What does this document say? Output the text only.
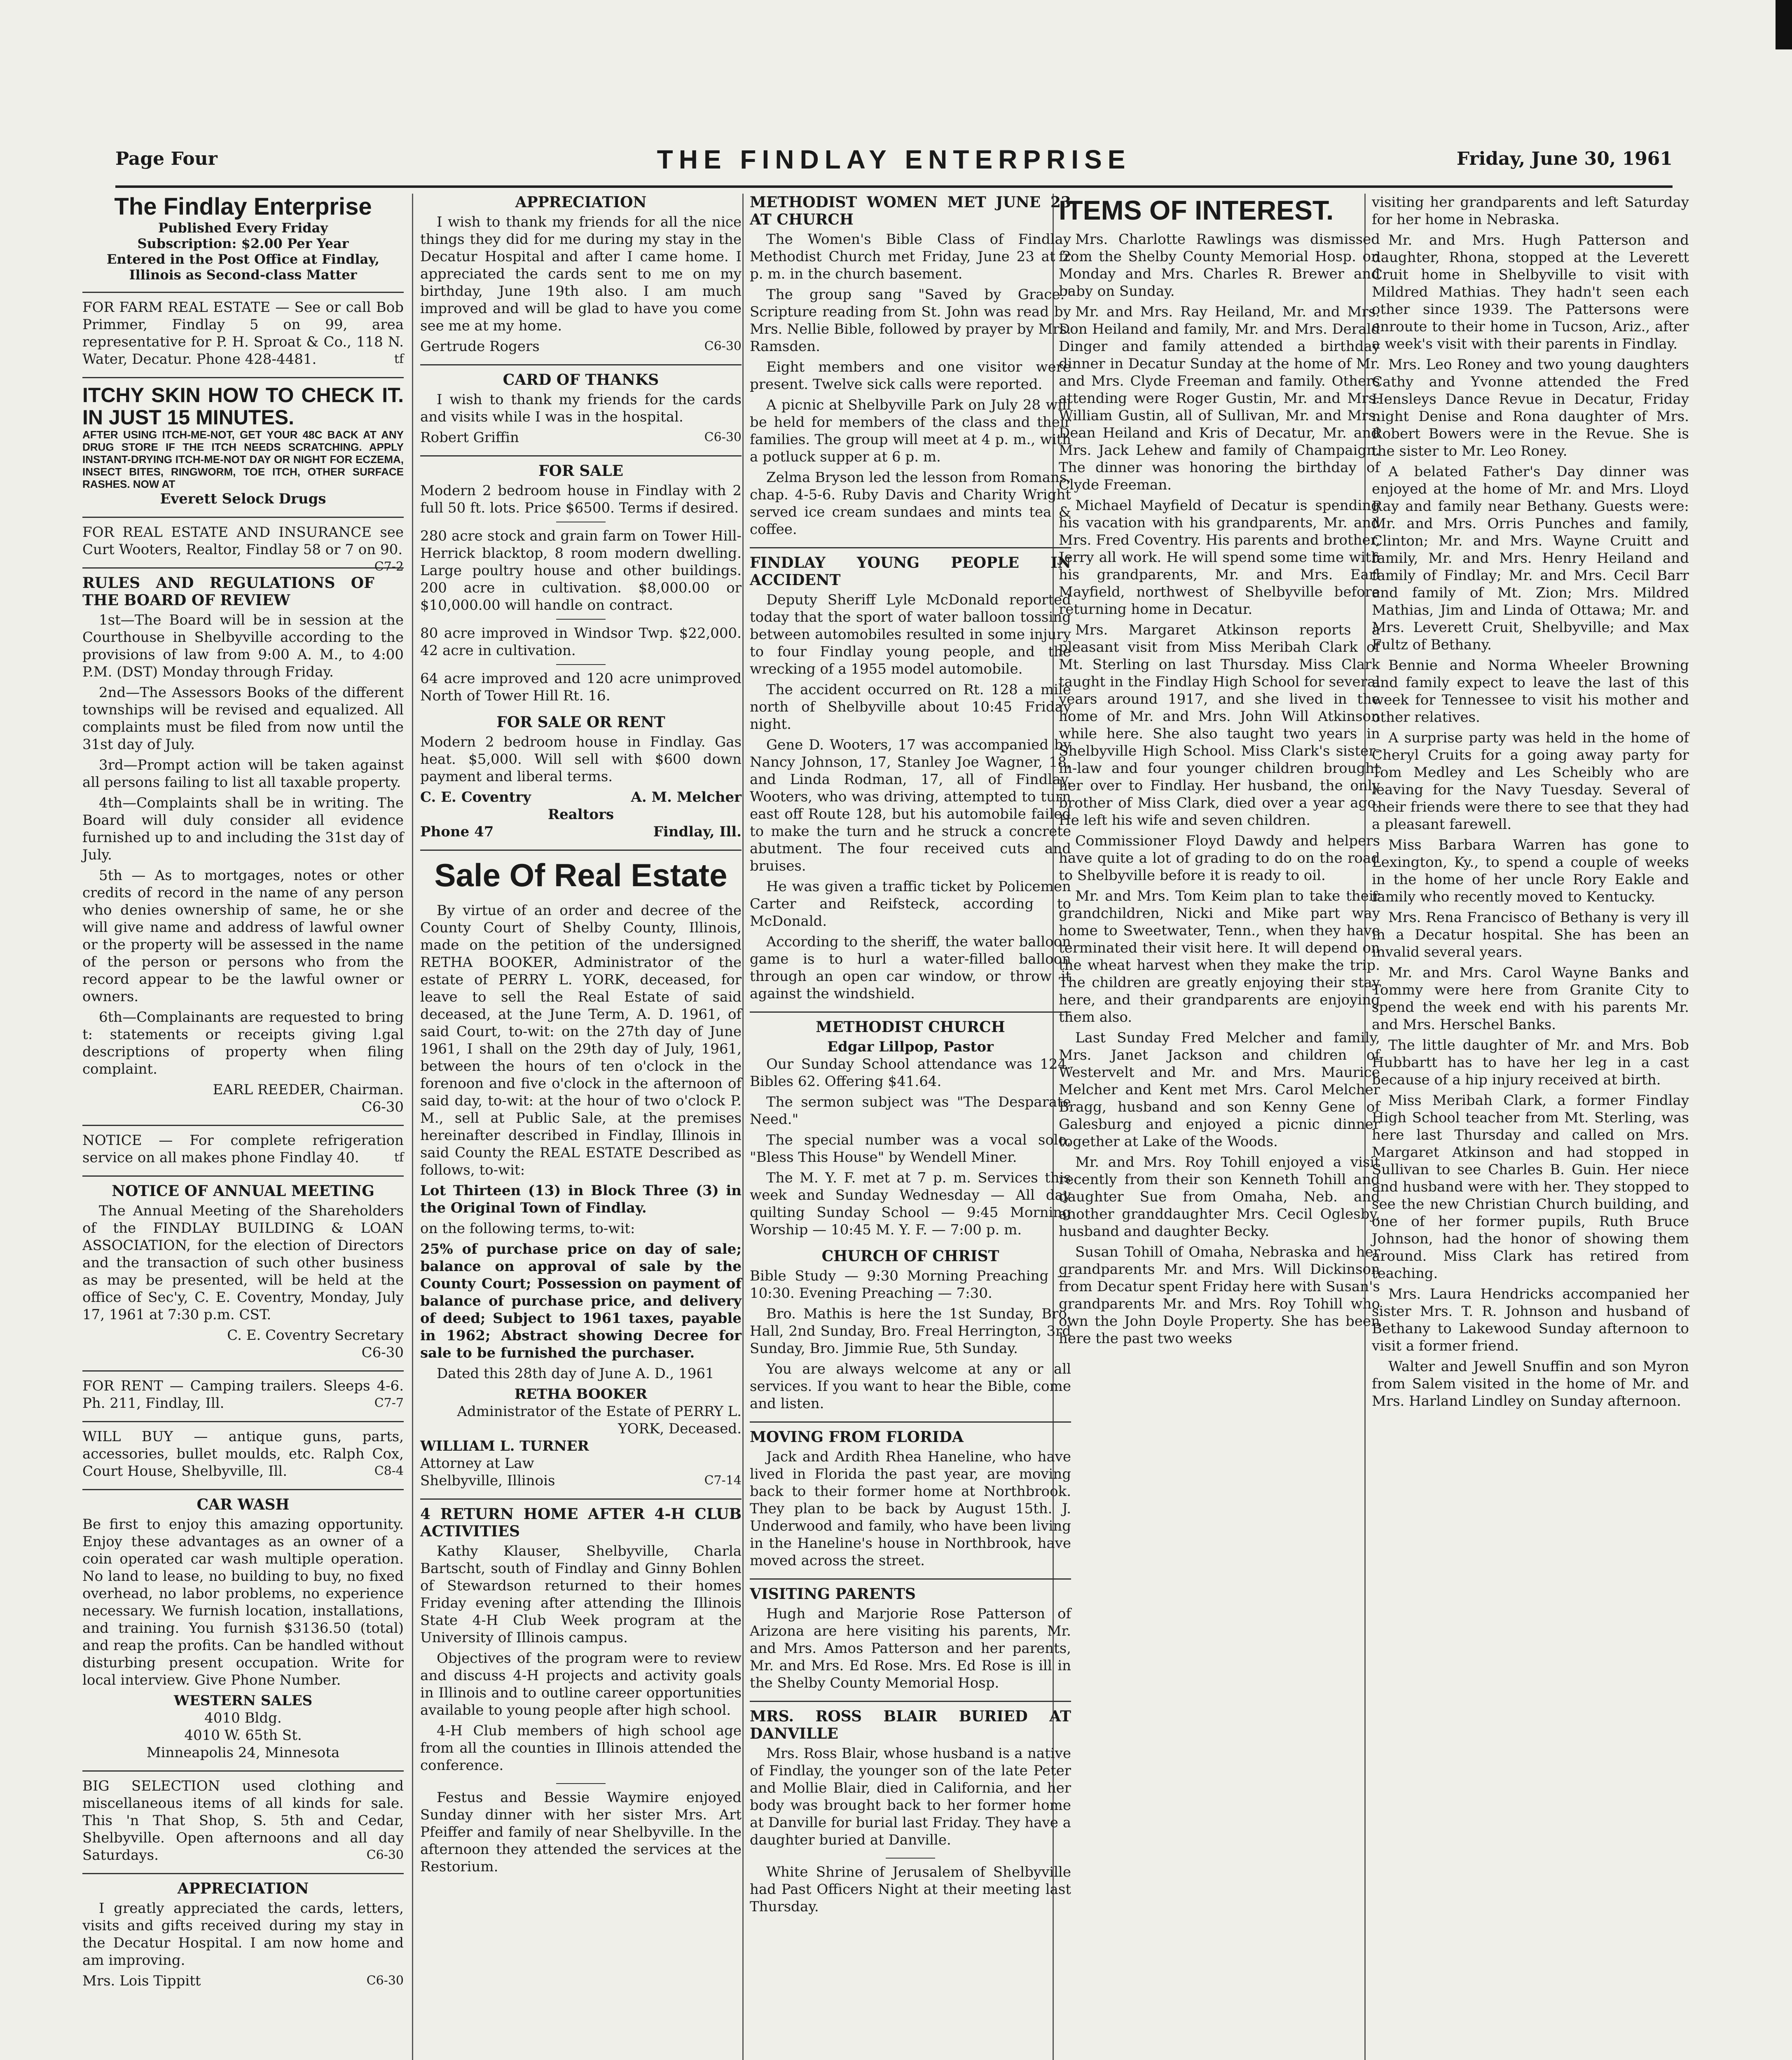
Page Four	THE FINDLAY ENTERPRISE	Friday, June 30, 1961
The Findlay Enterprise
Published Every Friday
Subscription: $2.00 Per Year
Entered in the Post Office at Findlay, Illinois as Second-class Matter

FOR FARM REAL ESTATE — See or call Bob Primmer, Findlay 5 on 99, area representative for P. H. Sproat & Co., 118 N. Water, Decatur. Phone 428-4481.	tf

ITCHY SKIN HOW TO CHECK IT. IN JUST 15 MINUTES.
AFTER USING ITCH-ME-NOT, GET YOUR 48C BACK AT ANY DRUG STORE IF THE ITCH NEEDS SCRATCHING. APPLY INSTANT-DRYING ITCH-ME-NOT DAY OR NIGHT FOR ECZEMA, INSECT BITES, RINGWORM, TOE ITCH, OTHER SURFACE RASHES. NOW AT
Everett Selock Drugs

FOR REAL ESTATE AND INSURANCE see Curt Wooters, Realtor, Findlay 58 or 7 on 90.
C7-2

RULES AND REGULATIONS OF THE BOARD OF REVIEW

1st—The Board will be in session at the Courthouse in Shelbyville according to the provisions of law from 9:00 A. M., to 4:00 P.M. (DST) Monday through Friday.

2nd—The Assessors Books of the different townships will be revised and equalized. All complaints must be filed from now until the 31st day of July.

3rd—Prompt action will be taken against all persons failing to list all taxable property.

4th—Complaints shall be in writing. The Board will duly consider all evidence furnished up to and including the 31st day of July.

5th — As to mortgages, notes or other credits of record in the name of any person who denies ownership of same, he or she will give name and address of lawful owner or the property will be assessed in the name of the person or persons who from the record appear to be the lawful owner or owners.

6th—Complainants are requested to bring t: statements or receipts giving l.gal descriptions of property when filing complaint.

EARL REEDER, Chairman.
C6-30

NOTICE — For complete refrigeration service on all makes phone Findlay 40.	tf

NOTICE OF ANNUAL MEETING

The Annual Meeting of the Shareholders of the FINDLAY BUILDING & LOAN ASSOCIATION, for the election of Directors and the transaction of such other business as may be presented, will be held at the office of Sec'y, C. E. Coventry, Monday, July 17, 1961 at 7:30 p.m. CST.

C. E. Coventry Secretary
C6-30

FOR RENT — Camping trailers. Sleeps 4-6. Ph. 211, Findlay, Ill.	C7-7

WILL BUY — antique guns, parts, accessories, bullet moulds, etc. Ralph Cox, Court House, Shelbyville, Ill.	C8-4

CAR WASH

Be first to enjoy this amazing opportunity. Enjoy these advantages as an owner of a coin operated car wash multiple operation. No land to lease, no building to buy, no fixed overhead, no labor problems, no experience necessary. We furnish location, installations, and training. You furnish $3136.50 (total) and reap the profits. Can be handled without disturbing present occupation. Write for local interview. Give Phone Number.

WESTERN SALES
4010 Bldg.
4010 W. 65th St.
Minneapolis 24, Minnesota

BIG SELECTION used clothing and miscellaneous items of all kinds for sale. This 'n That Shop, S. 5th and Cedar, Shelbyville. Open afternoons and all day Saturdays.	C6-30

APPRECIATION

I greatly appreciated the cards, letters, visits and gifts received during my stay in the Decatur Hospital. I am now home and am improving.

Mrs. Lois Tippitt	C6-30

APPRECIATION

I wish to thank my friends for all the nice things they did for me during my stay in the Decatur Hospital and after I came home. I appreciated the cards sent to me on my birthday, June 19th also. I am much improved and will be glad to have you come see me at my home.

Gertrude Rogers	C6-30

CARD OF THANKS

I wish to thank my friends for the cards and visits while I was in the hospital.

Robert Griffin	C6-30

FOR SALE

Modern 2 bedroom house in Findlay with 2 full 50 ft. lots. Price $6500. Terms if desired.

280 acre stock and grain farm on Tower Hill-Herrick blacktop, 8 room modern dwelling. Large poultry house and other buildings. 200 acre in cultivation. $8,000.00 or $10,000.00 will handle on contract.

80 acre improved in Windsor Twp. $22,000. 42 acre in cultivation.

64 acre improved and 120 acre unimproved North of Tower Hill Rt. 16.

FOR SALE OR RENT

Modern 2 bedroom house in Findlay. Gas heat. $5,000. Will sell with $600 down payment and liberal terms.

C. E. Coventry	A. M. Melcher
Realtors
Phone 47	Findlay, Ill.
Sale Of Real Estate

By virtue of an order and decree of the County Court of Shelby County, Illinois, made on the petition of the undersigned RETHA BOOKER, Administrator of the estate of PERRY L. YORK, deceased, for leave to sell the Real Estate of said deceased, at the June Term, A. D. 1961, of said Court, to-wit: on the 27th day of June 1961, I shall on the 29th day of July, 1961, between the hours of ten o'clock in the forenoon and five o'clock in the afternoon of said day, to-wit: at the hour of two o'clock P. M., sell at Public Sale, at the premises hereinafter described in Findlay, Illinois in said County the REAL ESTATE Described as follows, to-wit:

Lot Thirteen (13) in Block Three (3) in the Original Town of Findlay.

on the following terms, to-wit:

25% of purchase price on day of sale; balance on approval of sale by the County Court; Possession on payment of balance of purchase price, and delivery of deed; Subject to 1961 taxes, payable in 1962; Abstract showing Decree for sale to be furnished the purchaser.

Dated this 28th day of June A. D., 1961

RETHA BOOKER
Administrator of the Estate of PERRY L. YORK, Deceased.
WILLIAM L. TURNER
Attorney at Law

Shelbyville, Illinois	C7-14

4 RETURN HOME AFTER 4-H CLUB ACTIVITIES

Kathy Klauser, Shelbyville, Charla Bartscht, south of Findlay and Ginny Bohlen of Stewardson returned to their homes Friday evening after attending the Illinois State 4-H Club Week program at the University of Illinois campus.

Objectives of the program were to review and discuss 4-H projects and activity goals in Illinois and to outline career opportunities available to young people after high school.

4-H Club members of high school age from all the counties in Illinois attended the conference.

Festus and Bessie Waymire enjoyed Sunday dinner with her sister Mrs. Art Pfeiffer and family of near Shelbyville. In the afternoon they attended the services at the Restorium.

METHODIST WOMEN MET JUNE 23 AT CHURCH

The Women's Bible Class of Findlay Methodist Church met Friday, June 23 at 2 p. m. in the church basement.

The group sang "Saved by Grace." Scripture reading from St. John was read by Mrs. Nellie Bible, followed by prayer by Mrs. Ramsden.

Eight members and one visitor were present. Twelve sick calls were reported.

A picnic at Shelbyville Park on July 28 will be held for members of the class and their families. The group will meet at 4 p. m., with a potluck supper at 6 p. m.

Zelma Bryson led the lesson from Romans, chap. 4-5-6. Ruby Davis and Charity Wright served ice cream sundaes and mints tea & coffee.

FINDLAY YOUNG PEOPLE IN ACCIDENT

Deputy Sheriff Lyle McDonald reported today that the sport of water balloon tossing between automobiles resulted in some injury to four Findlay young people, and the wrecking of a 1955 model automobile.

The accident occurred on Rt. 128 a mile north of Shelbyville about 10:45 Friday night.

Gene D. Wooters, 17 was accompanied by Nancy Johnson, 17, Stanley Joe Wagner, 18, and Linda Rodman, 17, all of Findlay. Wooters, who was driving, attempted to turn east off Route 128, but his automobile failed to make the turn and he struck a concrete abutment. The four received cuts and bruises.

He was given a traffic ticket by Policemen Carter and Reifsteck, according to McDonald.

According to the sheriff, the water balloon game is to hurl a water-filled balloon through an open car window, or throw it against the windshield.

METHODIST CHURCH
Edgar Lillpop, Pastor

Our Sunday School attendance was 124. Bibles 62. Offering $41.64.

The sermon subject was "The Desparate Need."

The special number was a vocal solo, "Bless This House" by Wendell Miner.

The M. Y. F. met at 7 p. m. Services this week and Sunday Wednesday — All day quilting Sunday School — 9:45 Morning Worship — 10:45 M. Y. F. — 7:00 p. m.

CHURCH OF CHRIST

Bible Study — 9:30 Morning Preaching — 10:30. Evening Preaching — 7:30.

Bro. Mathis is here the 1st Sunday, Bro. Hall, 2nd Sunday, Bro. Freal Herrington, 3rd Sunday, Bro. Jimmie Rue, 5th Sunday.

You are always welcome at any or all services. If you want to hear the Bible, come and listen.

MOVING FROM FLORIDA

Jack and Ardith Rhea Haneline, who have lived in Florida the past year, are moving back to their former home at Northbrook. They plan to be back by August 15th. J. Underwood and family, who have been living in the Haneline's house in Northbrook, have moved across the street.

VISITING PARENTS

Hugh and Marjorie Rose Patterson of Arizona are here visiting his parents, Mr. and Mrs. Amos Patterson and her parents, Mr. and Mrs. Ed Rose. Mrs. Ed Rose is ill in the Shelby County Memorial Hosp.

MRS. ROSS BLAIR BURIED AT DANVILLE

Mrs. Ross Blair, whose husband is a native of Findlay, the younger son of the late Peter and Mollie Blair, died in California, and her body was brought back to her former home at Danville for burial last Friday. They have a daughter buried at Danville.

White Shrine of Jerusalem of Shelbyville had Past Officers Night at their meeting last Thursday.

ITEMS OF INTEREST.

Mrs. Charlotte Rawlings was dismissed from the Shelby County Memorial Hosp. on Monday and Mrs. Charles R. Brewer and baby on Sunday.

Mr. and Mrs. Ray Heiland, Mr. and Mrs. Don Heiland and family, Mr. and Mrs. Derald Dinger and family attended a birthday dinner in Decatur Sunday at the home of Mr. and Mrs. Clyde Freeman and family. Others attending were Roger Gustin, Mr. and Mrs. William Gustin, all of Sullivan, Mr. and Mrs. Dean Heiland and Kris of Decatur, Mr. and Mrs. Jack Lehew and family of Champaign. The dinner was honoring the birthday of Clyde Freeman.

Michael Mayfield of Decatur is spending his vacation with his grandparents, Mr. and Mrs. Fred Coventry. His parents and brother, Jerry all work. He will spend some time with his grandparents, Mr. and Mrs. Earl Mayfield, northwest of Shelbyville before returning home in Decatur.

Mrs. Margaret Atkinson reports a pleasant visit from Miss Meribah Clark of Mt. Sterling on last Thursday. Miss Clark taught in the Findlay High School for several years around 1917, and she lived in the home of Mr. and Mrs. John Will Atkinson while here. She also taught two years in Shelbyville High School. Miss Clark's sister-in-law and four younger children brought her over to Findlay. Her husband, the only brother of Miss Clark, died over a year ago. He left his wife and seven children.

Commissioner Floyd Dawdy and helpers have quite a lot of grading to do on the road to Shelbyville before it is ready to oil.

Mr. and Mrs. Tom Keim plan to take their grandchildren, Nicki and Mike part way home to Sweetwater, Tenn., when they have terminated their visit here. It will depend on the wheat harvest when they make the trip. The children are greatly enjoying their stay here, and their grandparents are enjoying them also.

Last Sunday Fred Melcher and family, Mrs. Janet Jackson and children of Westervelt and Mr. and Mrs. Maurice Melcher and Kent met Mrs. Carol Melcher Bragg, husband and son Kenny Gene of Galesburg and enjoyed a picnic dinner together at Lake of the Woods.

Mr. and Mrs. Roy Tohill enjoyed a visit recently from their son Kenneth Tohill and daughter Sue from Omaha, Neb. and another granddaughter Mrs. Cecil Oglesby, husband and daughter Becky.

Susan Tohill of Omaha, Nebraska and her grandparents Mr. and Mrs. Will Dickinson from Decatur spent Friday here with Susan's grandparents Mr. and Mrs. Roy Tohill who own the John Doyle Property. She has been here the past two weeks

visiting her grandparents and left Saturday for her home in Nebraska.

Mr. and Mrs. Hugh Patterson and daughter, Rhona, stopped at the Leverett Cruit home in Shelbyville to visit with Mildred Mathias. They hadn't seen each other since 1939. The Pattersons were enroute to their home in Tucson, Ariz., after a week's visit with their parents in Findlay.

Mrs. Leo Roney and two young daughters Cathy and Yvonne attended the Fred Hensleys Dance Revue in Decatur, Friday night Denise and Rona daughter of Mrs. Robert Bowers were in the Revue. She is the sister to Mr. Leo Roney.

A belated Father's Day dinner was enjoyed at the home of Mr. and Mrs. Lloyd Ray and family near Bethany. Guests were: Mr. and Mrs. Orris Punches and family, Clinton; Mr. and Mrs. Wayne Cruitt and family, Mr. and Mrs. Henry Heiland and family of Findlay; Mr. and Mrs. Cecil Barr and family of Mt. Zion; Mrs. Mildred Mathias, Jim and Linda of Ottawa; Mr. and Mrs. Leverett Cruit, Shelbyville; and Max Fultz of Bethany.

Bennie and Norma Wheeler Browning and family expect to leave the last of this week for Tennessee to visit his mother and other relatives.

A surprise party was held in the home of Cheryl Cruits for a going away party for Tom Medley and Les Scheibly who are leaving for the Navy Tuesday. Several of their friends were there to see that they had a pleasant farewell.

Miss Barbara Warren has gone to Lexington, Ky., to spend a couple of weeks in the home of her uncle Rory Eakle and family who recently moved to Kentucky.

Mrs. Rena Francisco of Bethany is very ill in a Decatur hospital. She has been an invalid several years.

Mr. and Mrs. Carol Wayne Banks and Tommy were here from Granite City to spend the week end with his parents Mr. and Mrs. Herschel Banks.

The little daughter of Mr. and Mrs. Bob Hubbartt has to have her leg in a cast because of a hip injury received at birth.

Miss Meribah Clark, a former Findlay High School teacher from Mt. Sterling, was here last Thursday and called on Mrs. Margaret Atkinson and had stopped in Sullivan to see Charles B. Guin. Her niece and husband were with her. They stopped to see the new Christian Church building, and one of her former pupils, Ruth Bruce Johnson, had the honor of showing them around. Miss Clark has retired from teaching.

Mrs. Laura Hendricks accompanied her sister Mrs. T. R. Johnson and husband of Bethany to Lakewood Sunday afternoon to visit a former friend.

Walter and Jewell Snuffin and son Myron from Salem visited in the home of Mr. and Mrs. Harland Lindley on Sunday afternoon.
